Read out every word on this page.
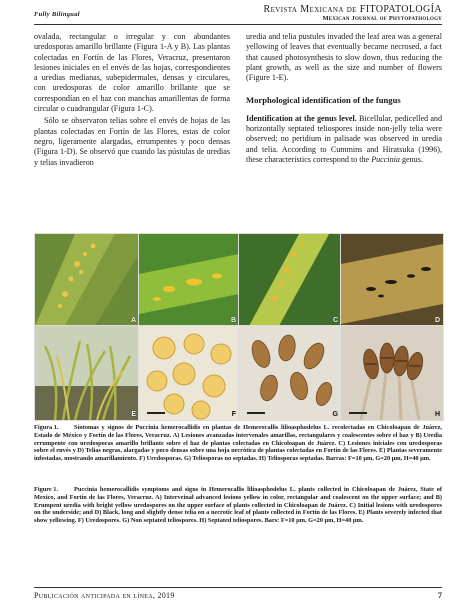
Fully Bilingual	Revista Mexicana de FITOPATOLOGÍA
Mexican Journal of Phytopathology

ovalada, rectangular o irregular y con abundantes uredosporas amarillo brillante (Figura 1-A y B). Las plantas colectadas en Fortín de las Flores, Veracruz, presentaron lesiones iniciales en el envés de las hojas, correspondientes a uredias medianas, subepidermales, densas y circulares, con uredosporas de color amarillo brillante que se correspondían en el haz con manchas amarillentas de forma circular o cuadrangular (Figura 1-C).

Sólo se observaron telias sobre el envés de hojas de las plantas colectadas en Fortín de las Flores, estas de color negro, ligeramente alargadas, errumpentes y poco densas (Figura 1-D). Se observó que cuando las pústulas de uredias y telias invadieron

uredia and telia pustules invaded the leaf area was a general yellowing of leaves that eventually became necrosed, a fact that caused photosynthesis to slow down, thus reducing the plant growth, as well as the size and number of flowers (Figure 1-E).

Morphological identification of the fungus

Identification at the genus level. Bicellular, pedicelled and horizontally septated teliospores inside non-jelly telia were observed; no peridium in palisade was observed in uredia and telia. According to Cummins and Hiratsuka (1996), these characteristics correspond to the Puccinia genus.

A	B	C	D
E	F	G	H
Figura 1. Síntomas y signos de Puccinia hemerocallidis en plantas de Hemerocallis lilioasphodelus L. recolectadas en Chicoloapan de Juárez, Estado de México y Fortín de las Flores, Veracruz. A) Lesiones avanzadas intervenales amarillas, rectangulares y coalescentes sobre el haz y B) Uredia errumpente con uredosporas amarillo brillante sobre el haz de plantas colectadas en Chicoloapan de Juárez. C) Lesiones iniciales con uredosporas sobre el envés y D) Telias negras, alargadas y poco densas sobre una hoja necrótica de plantas colectadas en Fortín de las Flores. E) Plantas severamente infestadas, mostrando amarillamiento. F) Uredosporas. G) Teliosporas no septadas. H) Teliosporas septadas. Barras: F=10 µm, G=20 µm, H=40 µm.
Figure 1.	Puccinia hemerocallidis symptoms and signs in Hemerocallis lilioasphodelus L. plants collected in Chicoloapan de Juárez, State of Mexico, and Fortín de las Flores, Veracruz. A) Interveinal advanced lesions yellow in color, rectangular and coalescent on the upper surface; and B) Erumpent uredia with bright yellow uredospores on the upper surface of plants collected in Chicoloapan de Juárez. C) Initial lesions with uredospores on the underside; and D) Black, long and slightly dense telia on a necrotic leaf of plants collected in Fortín de las Flores. E) Plants severely infected that show yellowing. F) Uredospores. G) Non septated teliospores. H) Septated teliospores. Bars: F=10 µm, G=20 µm, H=40 µm.
Publicación anticipada en línea, 2019	7
